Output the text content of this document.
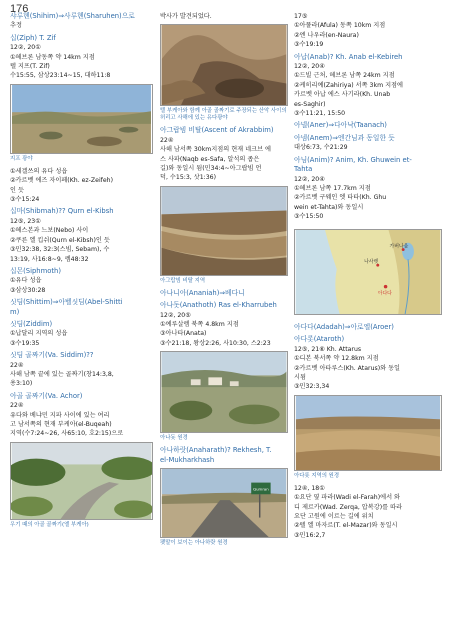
176
샤루헨(Shihim)⇒사루헨(Sharuhen)으로
추정
십(Ziph) T. Zif
12②, 20①
①헤브론 남동쪽 약 14km 지점
텔 지프(T. Zif)
수15:55, 삼상23:14~15, 대하11:8
지프 광야
①세겔쓰의 유다 성읍
②카르벳 에즈 자이페(Kh. ez-Zeifeh)
인 듯
③수15:24
십마(Shibmah)?? Qurn el-Kibsh
12⑤, 23①
①헤스본과 느보(Nebo) 사이
②쿠른 엘 킵쉬(Qurn el-Kibsh)인 듯
③민32:38, 32:3(스빔, Sebam), 수
13:19, 사16:8~9, 렘48:32
십몬(Siphmoth)
①유다 성읍
③삼상30:28
싯딤(Shittim)⇒아벨싯딤(Abel-Shitti
m)
싯딤(Ziddim)
①납달리 지역의 성읍
③수19:35
싯딤 골짜기(Va. Siddim)??
22④
사해 남쪽 끝에 있는 골짜기(창14:3,8,
용3:10)
아골 골짜기(Va. Achor)
22④
유다와 베냐민 지파 사이에 있는 여리
고 남서쪽의 현재 부케아(el-Buqeah)
지역(수7:24~26, 사65:10, 호2:15)으로
우기 때의 아골 골짜기(엘 부케아)
박사가 발견되었다.
텔 부케아와 함께 아골 골짜기로 주장되는 산악 사이의 허리고 사해에 있는 유다광야
아그랍빔 비탈(Ascent of Akrabbim)
22④
사해 남서쪽 30km지점의 현재 네크브 에
스 사파(Naqb es-Safa, 알석의 좁은
길)와 동일시 됨(민34:4~아그랍빔 언
덕, 수15:3, 삿1:36)
아그랍빔 비탈 지역
아나니아(Ananiah)⇒베다니
아나돗(Anathoth) Ras el-Kharrubeh
12②, 20⑤
①예루살렘 북쪽 4.8km 지점
③아나타(Anata)
③수21:18, 왕상2:26, 사10:30, 스2:23
아나돗 원경
아나하랏(Anaharath)? Rekhesh, T.
el-Mukharkhash
Qumran
팻말이 보이는 아나하랏 원경
17⑤
①아풀라(Afula) 동쪽 10km 지점
②엔 나우라(en-Naura)
③수19:19
아납(Anab)? Kh. Anab el-Kebireh
12②, 20④
①드빌 근처, 헤브론 남쪽 24km 지점
②케히리예(Zahiriya) 서쪽 3km 지점에
카르벳 아납 에스 사기라(Kh. Unab
es-Saghir)
③수11:21, 15:50
아넬(Aner)⇒다아낙(Taanach)
아넴(Anem)⇒엔간님과 동일한 듯
대상6:73, 수21:29
아님(Anim)? Anim, Kh. Ghuwein et-
Tahta
12②, 20④
①헤브론 남쪽 17.7km 지점
②카르벳 구웨인 엣 타타(Kh. Ghu
wein et-Tahta)와 동일시
③수15:50
가버나움
나사렛
아다다
아다다(Adadah)⇒아로엘(Aroer)
아다롯(Ataroth)
12⑤, 21⑥ Kh. Attarus
①디본 북서쪽 약 12.8km 지점
②카르벳 아타루스(Kh. Atarus)와 동일
시됨
③민32:3,34
아다롯 지역의 원경
12④, 18①
①요단 옆 파라(Wadi el-Farah)에서 와
디 제르카(Wad. Zerqa, 압복강)를 따라
요단 고원에 이르는 길에 위치
②텔 엘 마자르(T. el-Mazar)와 동일시
③민16:2,7
